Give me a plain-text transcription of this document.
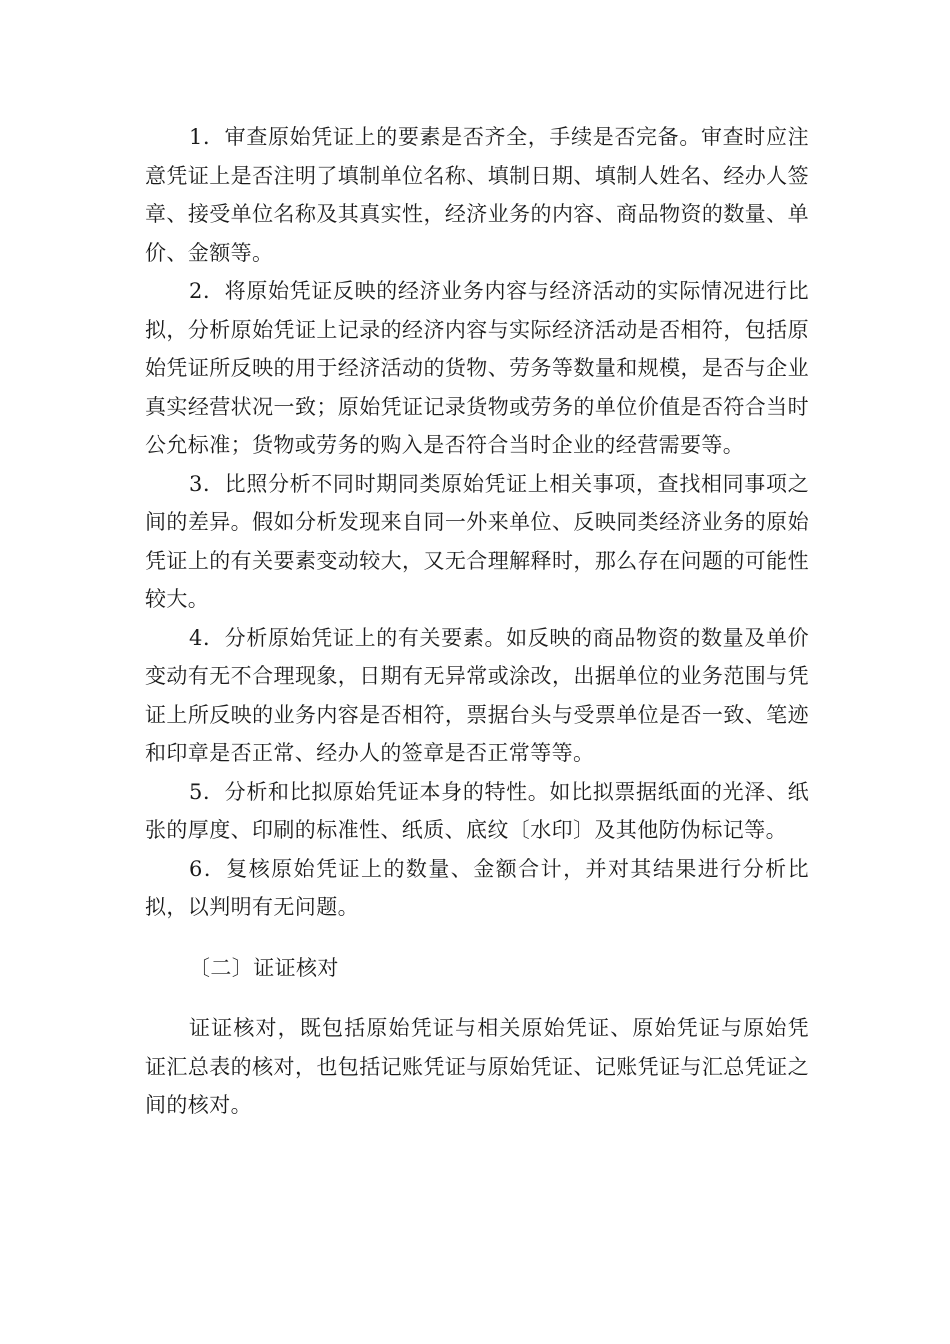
1．审查原始凭证上的要素是否齐全，手续是否完备。审查时应注意凭证上是否注明了填制单位名称、填制日期、填制人姓名、经办人签章、接受单位名称及其真实性，经济业务的内容、商品物资的数量、单价、金额等。

2．将原始凭证反映的经济业务内容与经济活动的实际情况进行比拟，分析原始凭证上记录的经济内容与实际经济活动是否相符，包括原始凭证所反映的用于经济活动的货物、劳务等数量和规模，是否与企业真实经营状况一致；原始凭证记录货物或劳务的单位价值是否符合当时公允标准；货物或劳务的购入是否符合当时企业的经营需要等。

3．比照分析不同时期同类原始凭证上相关事项，查找相同事项之间的差异。假如分析发现来自同一外来单位、反映同类经济业务的原始凭证上的有关要素变动较大，又无合理解释时，那么存在问题的可能性较大。

4．分析原始凭证上的有关要素。如反映的商品物资的数量及单价变动有无不合理现象，日期有无异常或涂改，出据单位的业务范围与凭证上所反映的业务内容是否相符，票据台头与受票单位是否一致、笔迹和印章是否正常、经办人的签章是否正常等等。

5．分析和比拟原始凭证本身的特性。如比拟票据纸面的光泽、纸张的厚度、印刷的标准性、纸质、底纹〔水印〕及其他防伪标记等。

6．复核原始凭证上的数量、金额合计，并对其结果进行分析比拟，以判明有无问题。

〔二〕证证核对

证证核对，既包括原始凭证与相关原始凭证、原始凭证与原始凭证汇总表的核对，也包括记账凭证与原始凭证、记账凭证与汇总凭证之间的核对。
